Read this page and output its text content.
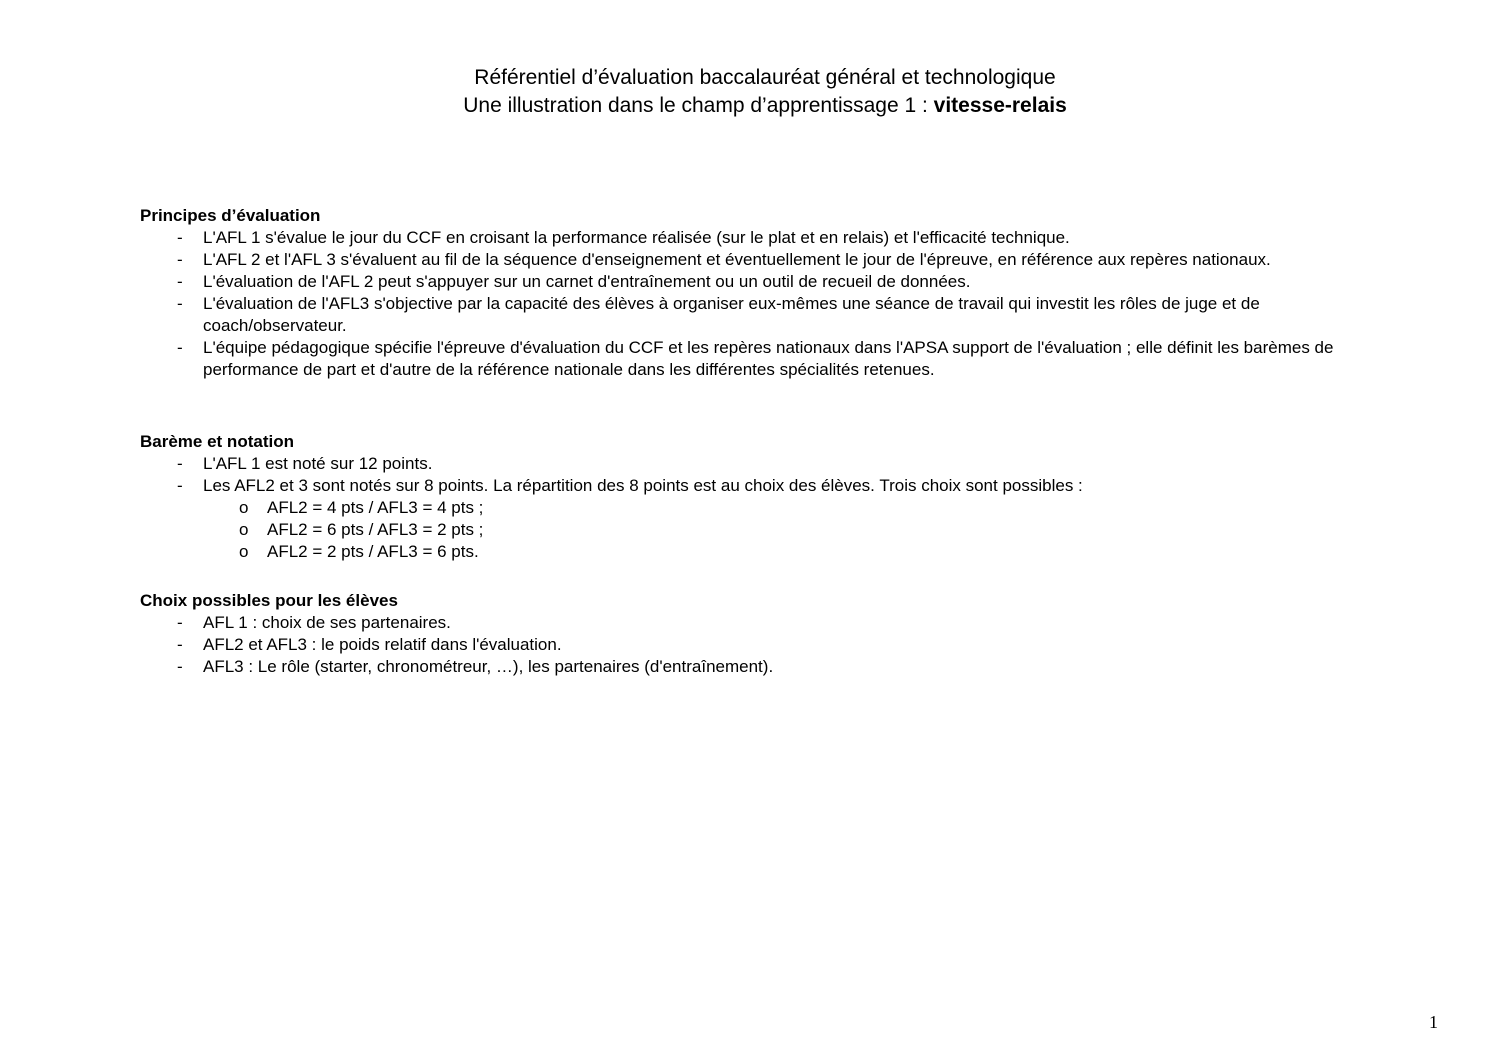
Référentiel d’évaluation baccalauréat général et technologique
Une illustration dans le champ d’apprentissage 1 : vitesse-relais
Principes d’évaluation
- L'AFL 1 s'évalue le jour du CCF en croisant la performance réalisée (sur le plat et en relais) et l'efficacité technique.
- L'AFL 2 et l'AFL 3 s'évaluent au fil de la séquence d'enseignement et éventuellement le jour de l'épreuve, en référence aux repères nationaux.
- L'évaluation de l'AFL 2 peut s'appuyer sur un carnet d'entraînement ou un outil de recueil de données.
- L'évaluation de l'AFL3 s'objective par la capacité des élèves à organiser eux-mêmes une séance de travail qui investit les rôles de juge et de coach/observateur.
- L'équipe pédagogique spécifie l'épreuve d'évaluation du CCF et les repères nationaux dans l'APSA support de l'évaluation ; elle définit les barèmes de performance de part et d'autre de la référence nationale dans les différentes spécialités retenues.
Barème et notation
- L'AFL 1 est noté sur 12 points.
- Les AFL2 et 3 sont notés sur 8 points. La répartition des 8 points est au choix des élèves. Trois choix sont possibles :
o AFL2 = 4 pts / AFL3 = 4 pts ;
o AFL2 = 6 pts / AFL3 = 2 pts ;
o AFL2 = 2 pts / AFL3 = 6 pts.
Choix possibles pour les élèves
- AFL 1 : choix de ses partenaires.
- AFL2 et AFL3 : le poids relatif dans l'évaluation.
- AFL3 : Le rôle (starter, chronométreur, …), les partenaires (d'entraînement).
1
